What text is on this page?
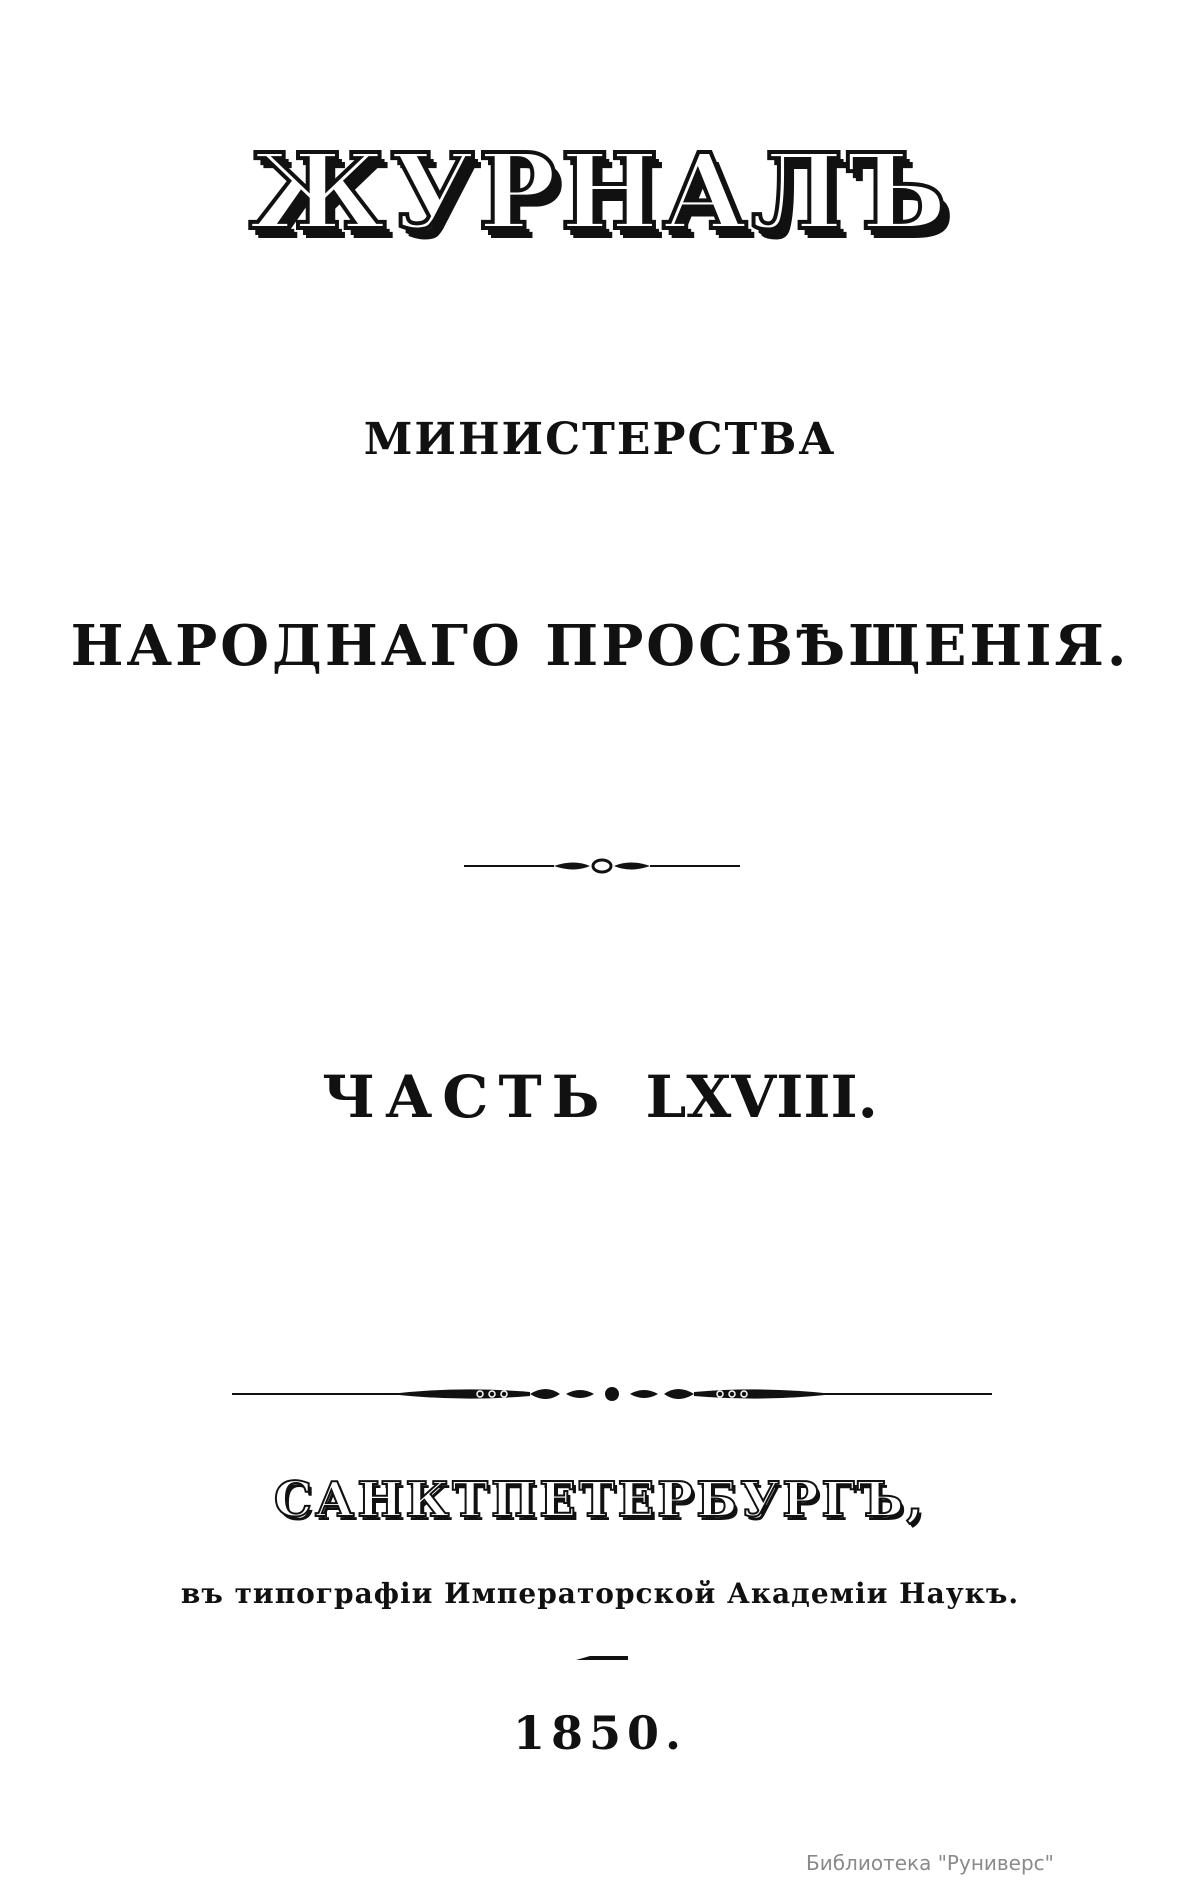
ЖУРНАЛЪ
МИНИСТЕРСТВА
НАРОДНАГО ПРОСВѢЩЕНІЯ.
ЧАСТЬ LXVIII.
САНКТПЕТЕРБУРГЪ,
въ типографіи Императорской Академіи Наукъ.
1850.
Библиотека "Руниверс"
